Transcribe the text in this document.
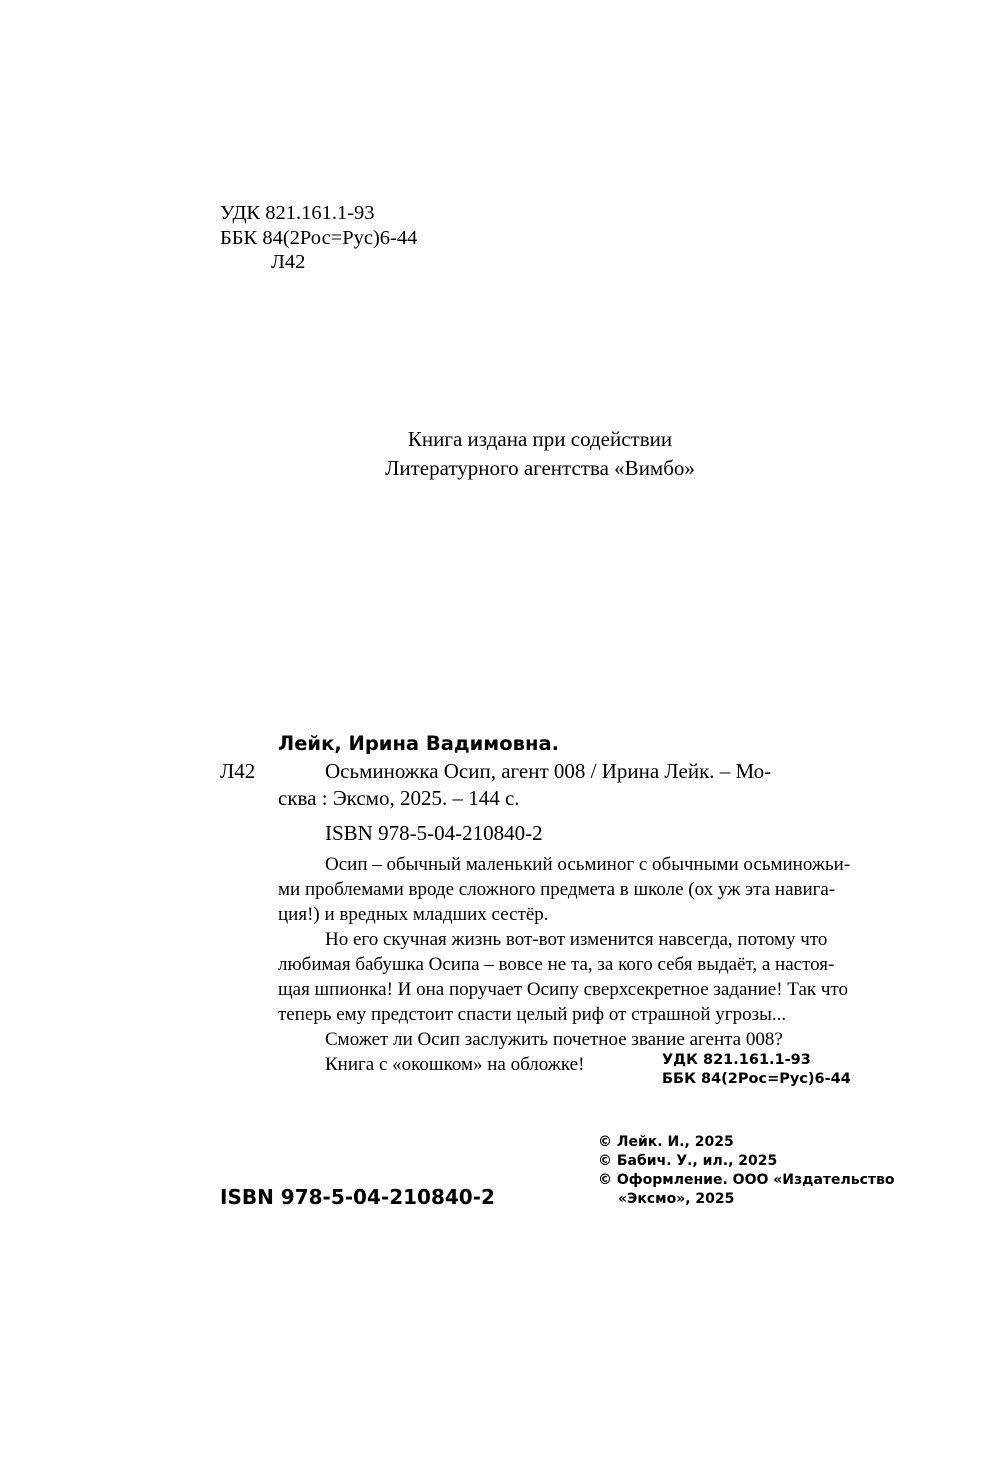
УДК 821.161.1-93
ББК 84(2Рос=Рус)6-44
Л42
Книга издана при содействии
Литературного агентства «Вимбо»
Лейк, Ирина Вадимовна.
Л42	Осьминожка Осип, агент 008 / Ирина Лейк. – Мо-
сква : Эксмо, 2025. – 144 с.
ISBN 978-5-04-210840-2
Осип – обычный маленький осьминог с обычными осьминожьи-
ми проблемами вроде сложного предмета в школе (ох уж эта навига-
ция!) и вредных младших сестёр.
Но его скучная жизнь вот-вот изменится навсегда, потому что
любимая бабушка Осипа – вовсе не та, за кого себя выдаёт, а настоя-
щая шпионка! И она поручает Осипу сверхсекретное задание! Так что
теперь ему предстоит спасти целый риф от страшной угрозы...
Сможет ли Осип заслужить почетное звание агента 008?
Книга с «окошком» на обложке!	УДК 821.161.1-93
ББК 84(2Рос=Рус)6-44
© Лейк. И., 2025
© Бабич. У., ил., 2025
© Оформление. ООО «Издательство
«Эксмо», 2025
ISBN 978-5-04-210840-2
